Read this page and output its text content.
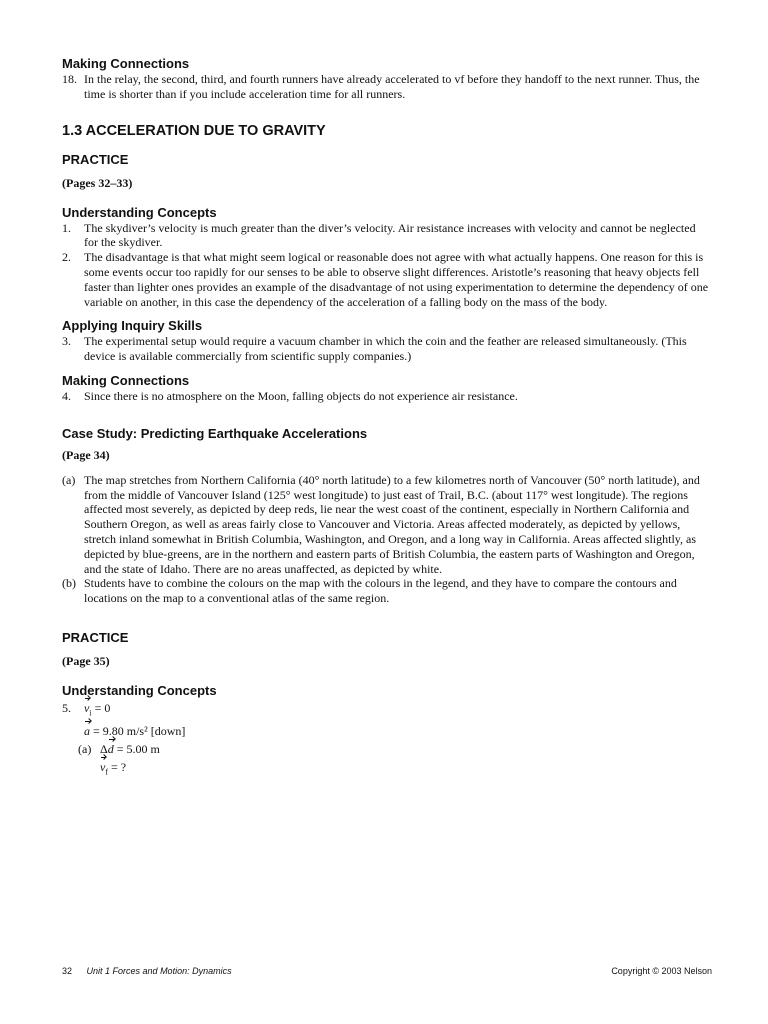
Making Connections
18. In the relay, the second, third, and fourth runners have already accelerated to vf before they handoff to the next runner. Thus, the time is shorter than if you include acceleration time for all runners.
1.3 ACCELERATION DUE TO GRAVITY
PRACTICE
(Pages 32–33)
Understanding Concepts
1.	The skydiver’s velocity is much greater than the diver’s velocity. Air resistance increases with velocity and cannot be neglected for the skydiver.
2.	The disadvantage is that what might seem logical or reasonable does not agree with what actually happens. One reason for this is some events occur too rapidly for our senses to be able to observe slight differences. Aristotle’s reasoning that heavy objects fell faster than lighter ones provides an example of the disadvantage of not using experimentation to determine the dependency of one variable on another, in this case the dependency of the acceleration of a falling body on the mass of the body.
Applying Inquiry Skills
3.	The experimental setup would require a vacuum chamber in which the coin and the feather are released simultaneously. (This device is available commercially from scientific supply companies.)
Making Connections
4.	Since there is no atmosphere on the Moon, falling objects do not experience air resistance.
Case Study: Predicting Earthquake Accelerations
(Page 34)
(a) The map stretches from Northern California (40° north latitude) to a few kilometres north of Vancouver (50° north latitude), and from the middle of Vancouver Island (125° west longitude) to just east of Trail, B.C. (about 117° west longitude). The regions affected most severely, as depicted by deep reds, lie near the west coast of the continent, especially in Northern California and Southern Oregon, as well as areas fairly close to Vancouver and Victoria. Areas affected moderately, as depicted by yellows, stretch inland somewhat in British Columbia, Washington, and Oregon, and a long way in California. Areas affected slightly, as depicted by blue-greens, are in the northern and eastern parts of British Columbia, the eastern parts of Washington and Oregon, and the state of Idaho. There are no areas unaffected, as depicted by white.
(b) Students have to combine the colours on the map with the colours in the legend, and they have to compare the contours and locations on the map to a conventional atlas of the same region.
PRACTICE
(Page 35)
Understanding Concepts
5.	$v_i = 0$
a = 9.80 m/s² [down]
(a) Δd = 5.00 m
$v_f$ = ?
32 Unit 1 Forces and Motion: Dynamics	Copyright © 2003 Nelson
